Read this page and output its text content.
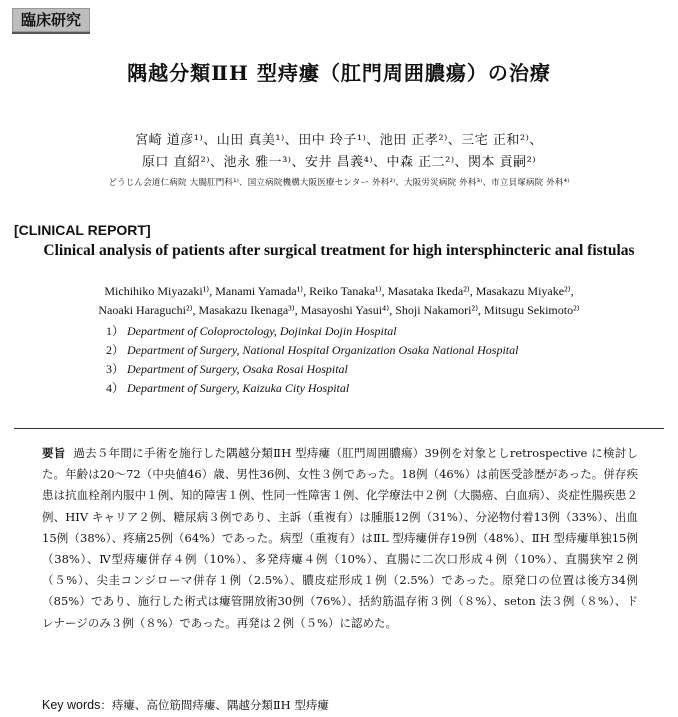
臨床研究
隅越分類ⅡH 型痔瘻（肛門周囲膿瘍）の治療
宮崎 道彦¹⁾、山田 真美¹⁾、田中 玲子¹⁾、池田 正孝²⁾、三宅 正和²⁾、
原口 直紹²⁾、池永 雅一³⁾、安井 昌義⁴⁾、中森 正二²⁾、関本 貢嗣²⁾
どうじん会道仁病院 大腸肛門科¹⁾、国立病院機構大阪医療センター 外科²⁾、大阪労災病院 外科³⁾、市立貝塚病院 外科⁴⁾
[CLINICAL REPORT]
Clinical analysis of patients after surgical treatment for high intersphincteric anal fistulas
Michihiko Miyazaki¹⁾, Manami Yamada¹⁾, Reiko Tanaka¹⁾, Masataka Ikeda²⁾, Masakazu Miyake²⁾,
Naoaki Haraguchi²⁾, Masakazu Ikenaga³⁾, Masayoshi Yasui⁴⁾, Shoji Nakamori²⁾, Mitsugu Sekimoto²⁾
1） Department of Coloproctology, Dojinkai Dojin Hospital
2） Department of Surgery, National Hospital Organization Osaka National Hospital
3） Department of Surgery, Osaka Rosai Hospital
4） Department of Surgery, Kaizuka City Hospital
要旨 過去５年間に手術を施行した隅越分類ⅡH 型痔瘻（肛門周囲膿瘍）39例を対象としretrospective に検討した。年齢は20～72（中央値46）歳、男性36例、女性３例であった。18例（46%）は前医受診歴があった。併存疾患は抗血栓剤内服中１例、知的障害１例、性同一性障害１例、化学療法中２例（大腸癌、白血病）、炎症性腸疾患２例、HIV キャリア２例、糖尿病３例であり、主訴（重複有）は腫脹12例（31%）、分泌物付着13例（33%）、出血15例（38%）、疼痛25例（64%）であった。病型（重複有）はⅡL 型痔瘻併存19例（48%）、ⅡH 型痔瘻単独15例（38%）、Ⅳ型痔瘻併存４例（10%）、多発痔瘻４例（10%）、直腸に二次口形成４例（10%）、直腸狭窄２例（５%）、尖圭コンジローマ併存１例（2.5%）、膿皮症形成１例（2.5%）であった。原発口の位置は後方34例（85%）であり、施行した術式は瘻管開放術30例（76%）、括約筋温存術３例（８%）、seton 法３例（８%）、ドレナージのみ３例（８%）であった。再発は２例（５%）に認めた。
Key words：痔瘻、高位筋間痔瘻、隅越分類ⅡH 型痔瘻
